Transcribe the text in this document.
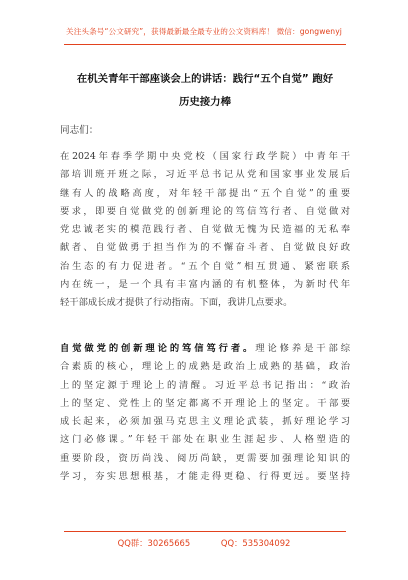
关注头条号“公文研究”，获得最新最全最专业的公文资料库！ 微信：gongwenyj
在机关青年干部座谈会上的讲话：践行“五个自觉” 跑好
历史接力棒
同志们：
在2024年春季学期中央党校（国家行政学院）中青年干
部培训班开班之际，习近平总书记从党和国家事业发展后
继有人的战略高度，对年轻干部提出“五个自觉”的重要
要求，即要自觉做党的创新理论的笃信笃行者、自觉做对
党忠诚老实的模范践行者、自觉做无愧为民造福的无私奉
献者、自觉做勇于担当作为的不懈奋斗者、自觉做良好政
治生态的有力促进者。“五个自觉”相互贯通、紧密联系
内在统一，是一个具有丰富内涵的有机整体，为新时代年
轻干部成长成才提供了行动指南。下面，我讲几点要求。
自觉做党的创新理论的笃信笃行者。理论修养是干部综
合素质的核心，理论上的成熟是政治上成熟的基础，政治
上的坚定源于理论上的清醒。习近平总书记指出：“政治
上的坚定、党性上的坚定都离不开理论上的坚定。干部要
成长起来，必须加强马克思主义理论武装，抓好理论学习
这门必修课。”年轻干部处在职业生涯起步、人格塑造的
重要阶段，资历尚浅、阅历尚缺，更需要加强理论知识的
学习，夯实思想根基，才能走得更稳、行得更远。要坚持
QQ群：30265665	QQ：535304092
